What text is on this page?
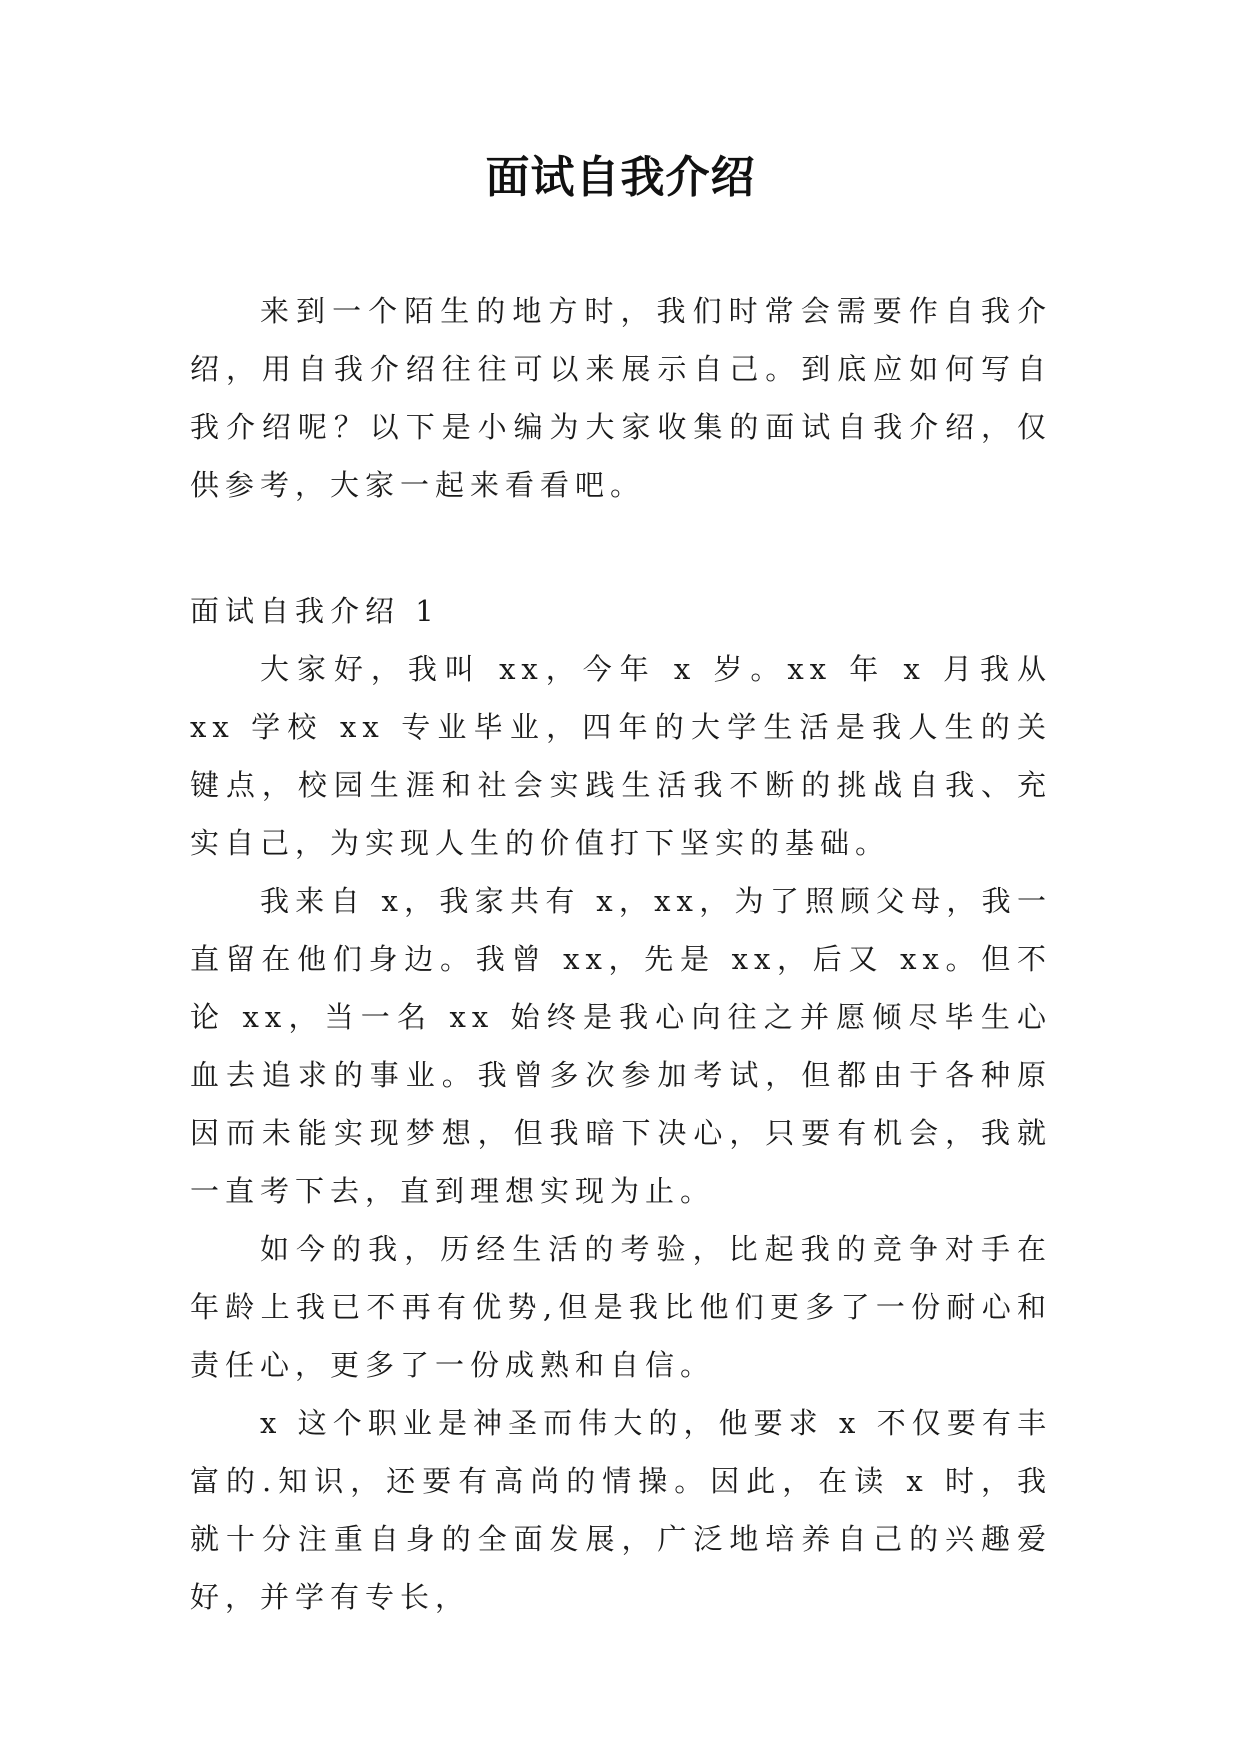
面试自我介绍

来到一个陌生的地方时，我们时常会需要作自我介绍，用自我介绍往往可以来展示自己。到底应如何写自我介绍呢？以下是小编为大家收集的面试自我介绍，仅供参考，大家一起来看看吧。

面试自我介绍 1

大家好，我叫 xx，今年 x 岁。xx 年 x 月我从 xx 学校 xx 专业毕业，四年的大学生活是我人生的关键点，校园生涯和社会实践生活我不断的挑战自我、充实自己，为实现人生的价值打下坚实的基础。

我来自 x，我家共有 x，xx，为了照顾父母，我一直留在他们身边。我曾 xx，先是 xx，后又 xx。但不论 xx，当一名 xx 始终是我心向往之并愿倾尽毕生心血去追求的事业。我曾多次参加考试，但都由于各种原因而未能实现梦想，但我暗下决心，只要有机会，我就一直考下去，直到理想实现为止。

如今的我，历经生活的考验，比起我的竞争对手在年龄上我已不再有优势,但是我比他们更多了一份耐心和责任心，更多了一份成熟和自信。

x 这个职业是神圣而伟大的，他要求 x 不仅要有丰富的.知识，还要有高尚的情操。因此，在读 x 时，我就十分注重自身的全面发展，广泛地培养自己的兴趣爱好，并学有专长，
